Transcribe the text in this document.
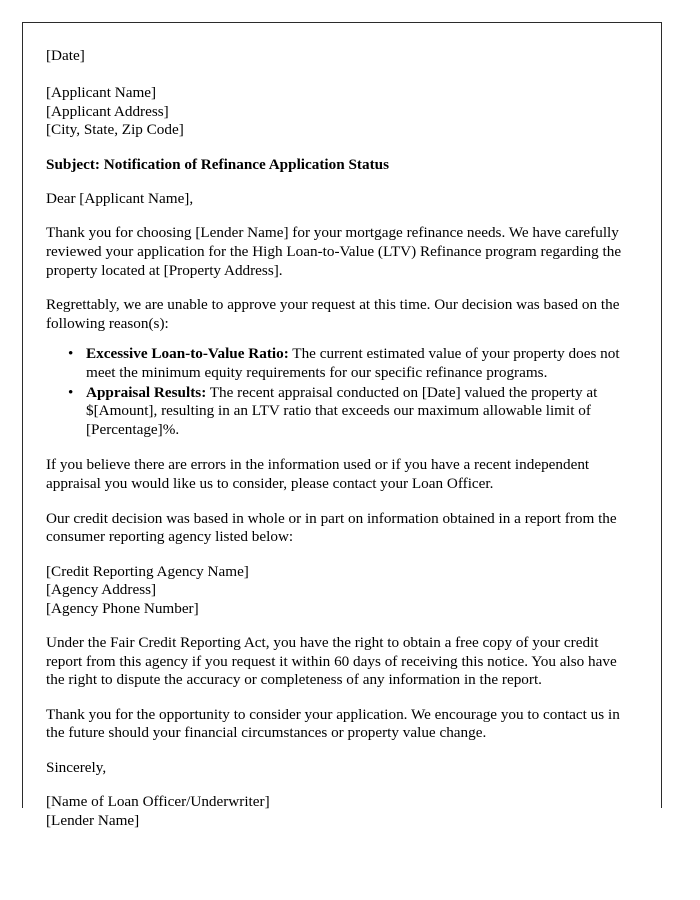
[Date]
[Applicant Name]
[Applicant Address]
[City, State, Zip Code]
Subject: Notification of Refinance Application Status
Dear [Applicant Name],

Thank you for choosing [Lender Name] for your mortgage refinance needs. We have carefully reviewed your application for the High Loan-to-Value (LTV) Refinance program regarding the property located at [Property Address].

Regrettably, we are unable to approve your request at this time. Our decision was based on the following reason(s):

• Excessive Loan-to-Value Ratio: The current estimated value of your property does not meet the minimum equity requirements for our specific refinance programs.
• Appraisal Results: The recent appraisal conducted on [Date] valued the property at $[Amount], resulting in an LTV ratio that exceeds our maximum allowable limit of [Percentage]%.

If you believe there are errors in the information used or if you have a recent independent appraisal you would like us to consider, please contact your Loan Officer.

Our credit decision was based in whole or in part on information obtained in a report from the consumer reporting agency listed below:

[Credit Reporting Agency Name]
[Agency Address]
[Agency Phone Number]

Under the Fair Credit Reporting Act, you have the right to obtain a free copy of your credit report from this agency if you request it within 60 days of receiving this notice. You also have the right to dispute the accuracy or completeness of any information in the report.

Thank you for the opportunity to consider your application. We encourage you to contact us in the future should your financial circumstances or property value change.

Sincerely,
[Name of Loan Officer/Underwriter]
[Lender Name]
